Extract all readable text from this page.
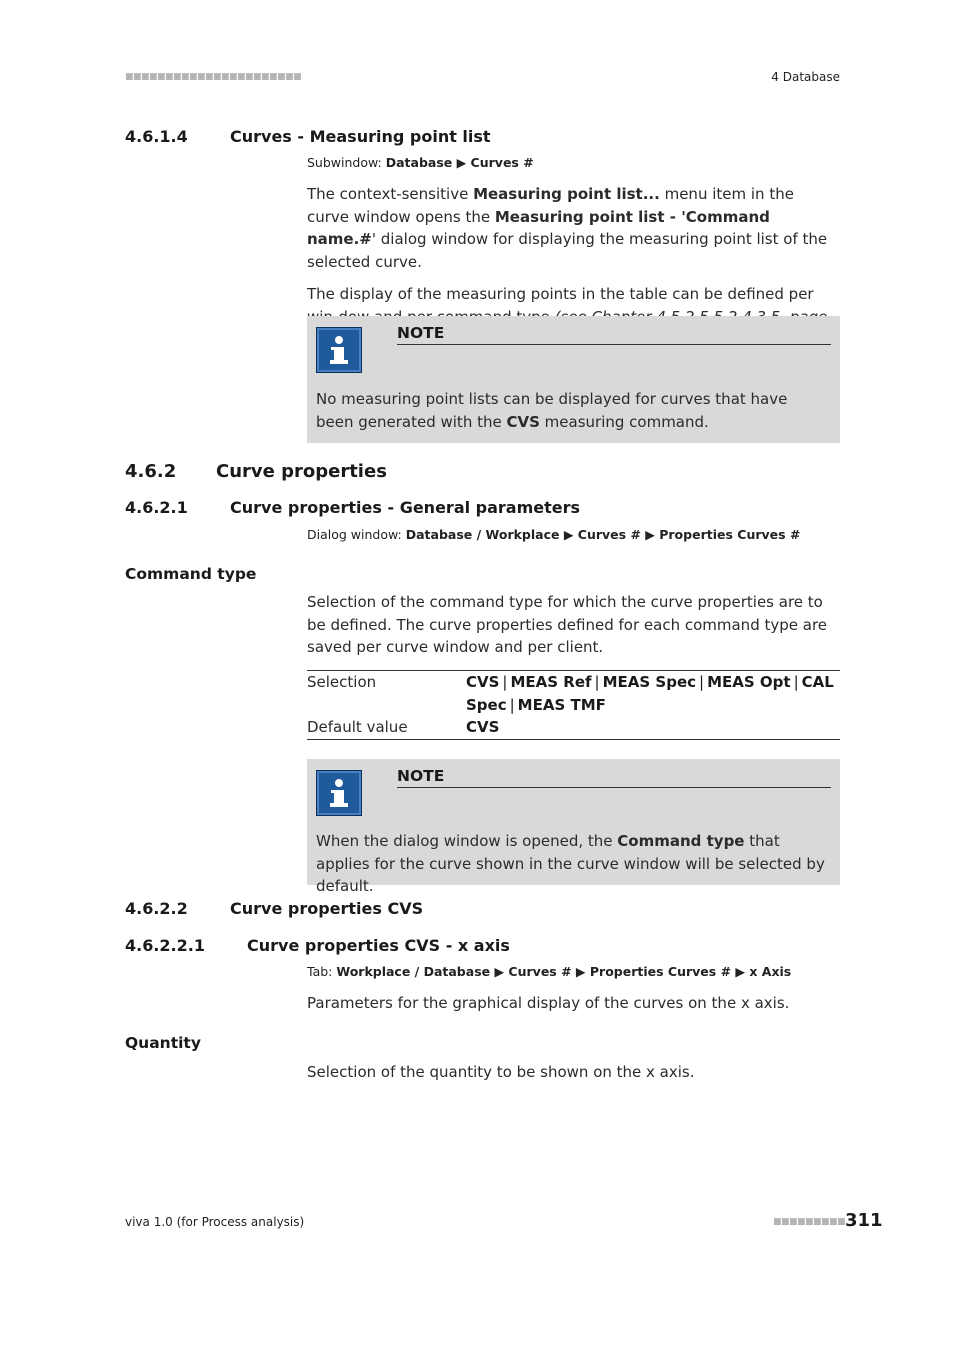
■■■■■■■■■■■■■■■■■■■■■■	4 Database
4.6.1.4	Curves - Measuring point list
Subwindow: Database ▶ Curves #

The context-sensitive Measuring point list... menu item in the curve window opens the Measuring point list - 'Command name.#' dialog window for displaying the measuring point list of the selected curve.

The display of the measuring points in the table can be defined per

NOTE
No measuring point lists can be displayed for curves that have been generated with the CVS measuring command.
4.6.2 Curve properties
4.6.2.1	Curve properties - General parameters
Dialog window: Database / Workplace ▶ Curves # ▶ Properties Curves #
Command type

Selection of the command type for which the curve properties are to be defined. The curve properties defined for each command type are saved per curve window and per client.

Selection	CVS | MEAS Ref | MEAS Spec | MEAS Opt | CAL
Spec | MEAS TMF
Default value	CVS
NOTE
When the dialog window is opened, the Command type that applies for the curve shown in the curve window will be selected by default.
4.6.2.2	Curve properties CVS
4.6.2.2.1	Curve properties CVS - x axis
Tab: Workplace / Database ▶ Curves # ▶ Properties Curves # ▶ x Axis

Parameters for the graphical display of the curves on the x axis.

Quantity

Selection of the quantity to be shown on the x axis.

viva 1.0 (for Process analysis)	■■■■■■■■■ 311
